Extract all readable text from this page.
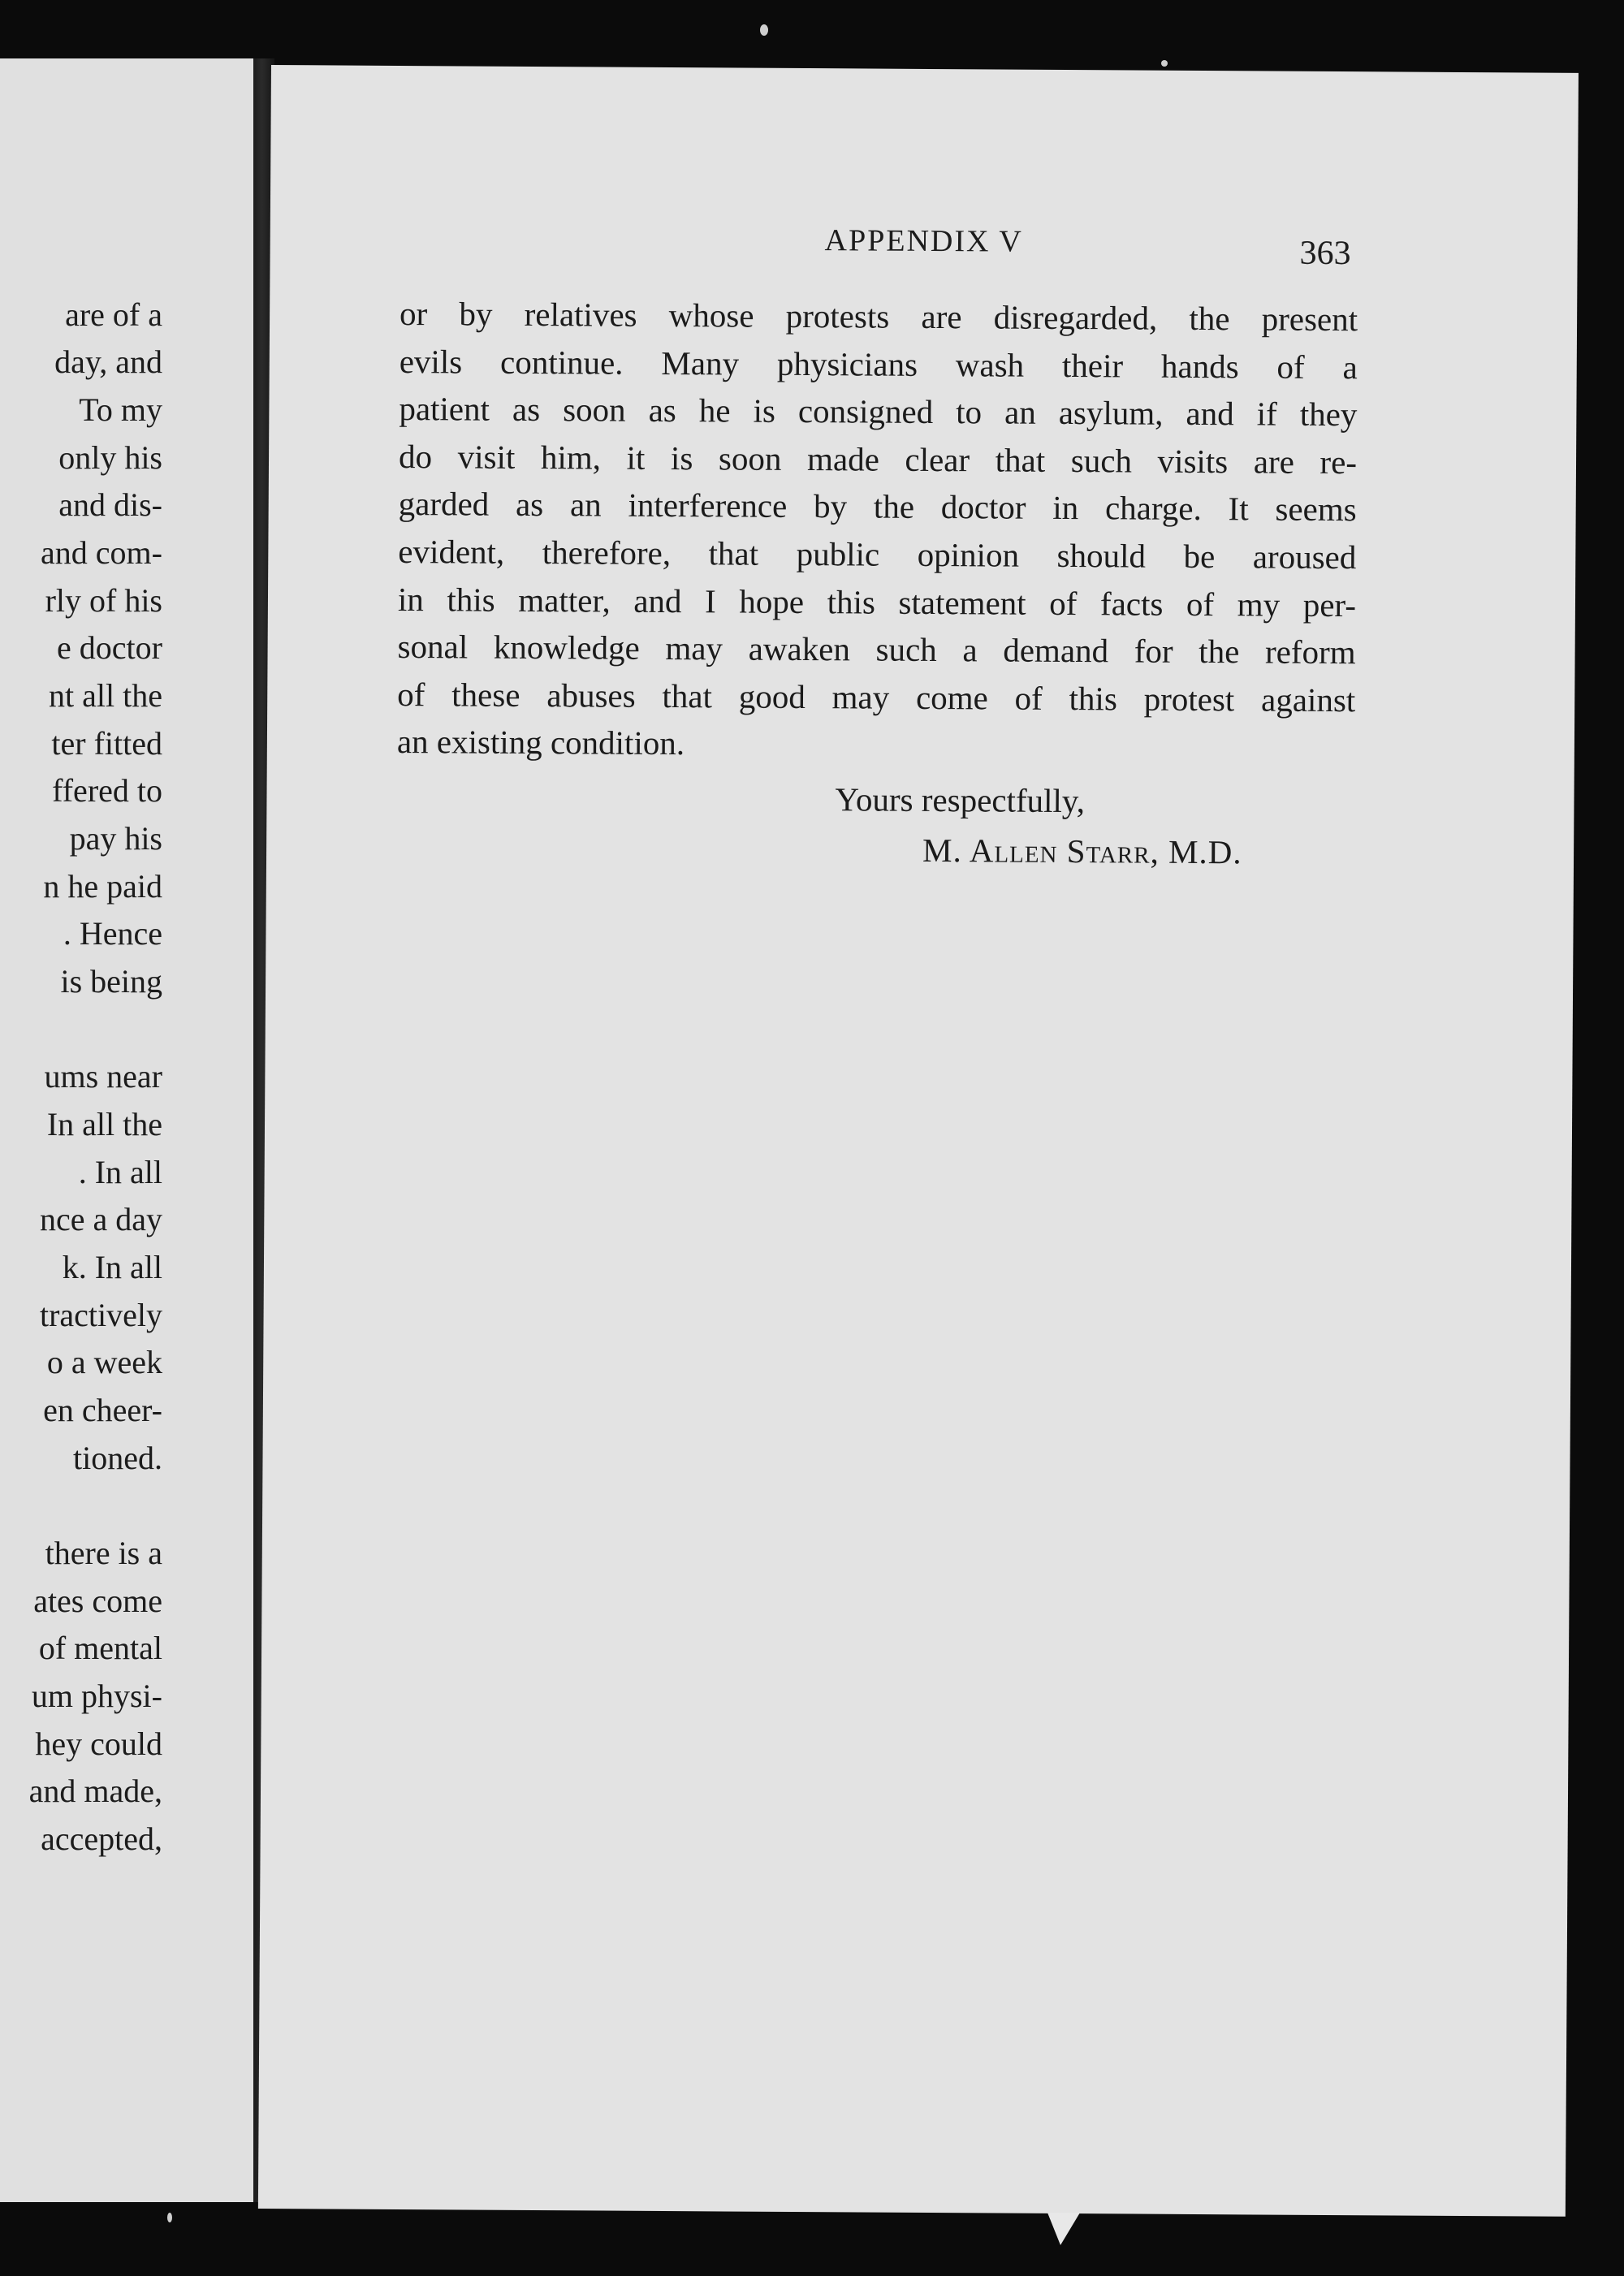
are of a
day, and
To my
only his
and dis-
and com-
rly of his
e doctor
nt all the
ter fitted
ffered to
pay his
n he paid
. Hence
is being
ums near
In all the
. In all
nce a day
k. In all
tractively
o a week
en cheer-
tioned.
there is a
ates come
of mental
um physi-
hey could
and made,
accepted,
APPENDIX V	363
or by relatives whose protests are disregarded, the present
evils continue. Many physicians wash their hands of a
patient as soon as he is consigned to an asylum, and if they
do visit him, it is soon made clear that such visits are re-
garded as an interference by the doctor in charge. It seems
evident, therefore, that public opinion should be aroused
in this matter, and I hope this statement of facts of my per-
sonal knowledge may awaken such a demand for the reform
of these abuses that good may come of this protest against
an existing condition.
Yours respectfully,
M. Allen Starr, M.D.
